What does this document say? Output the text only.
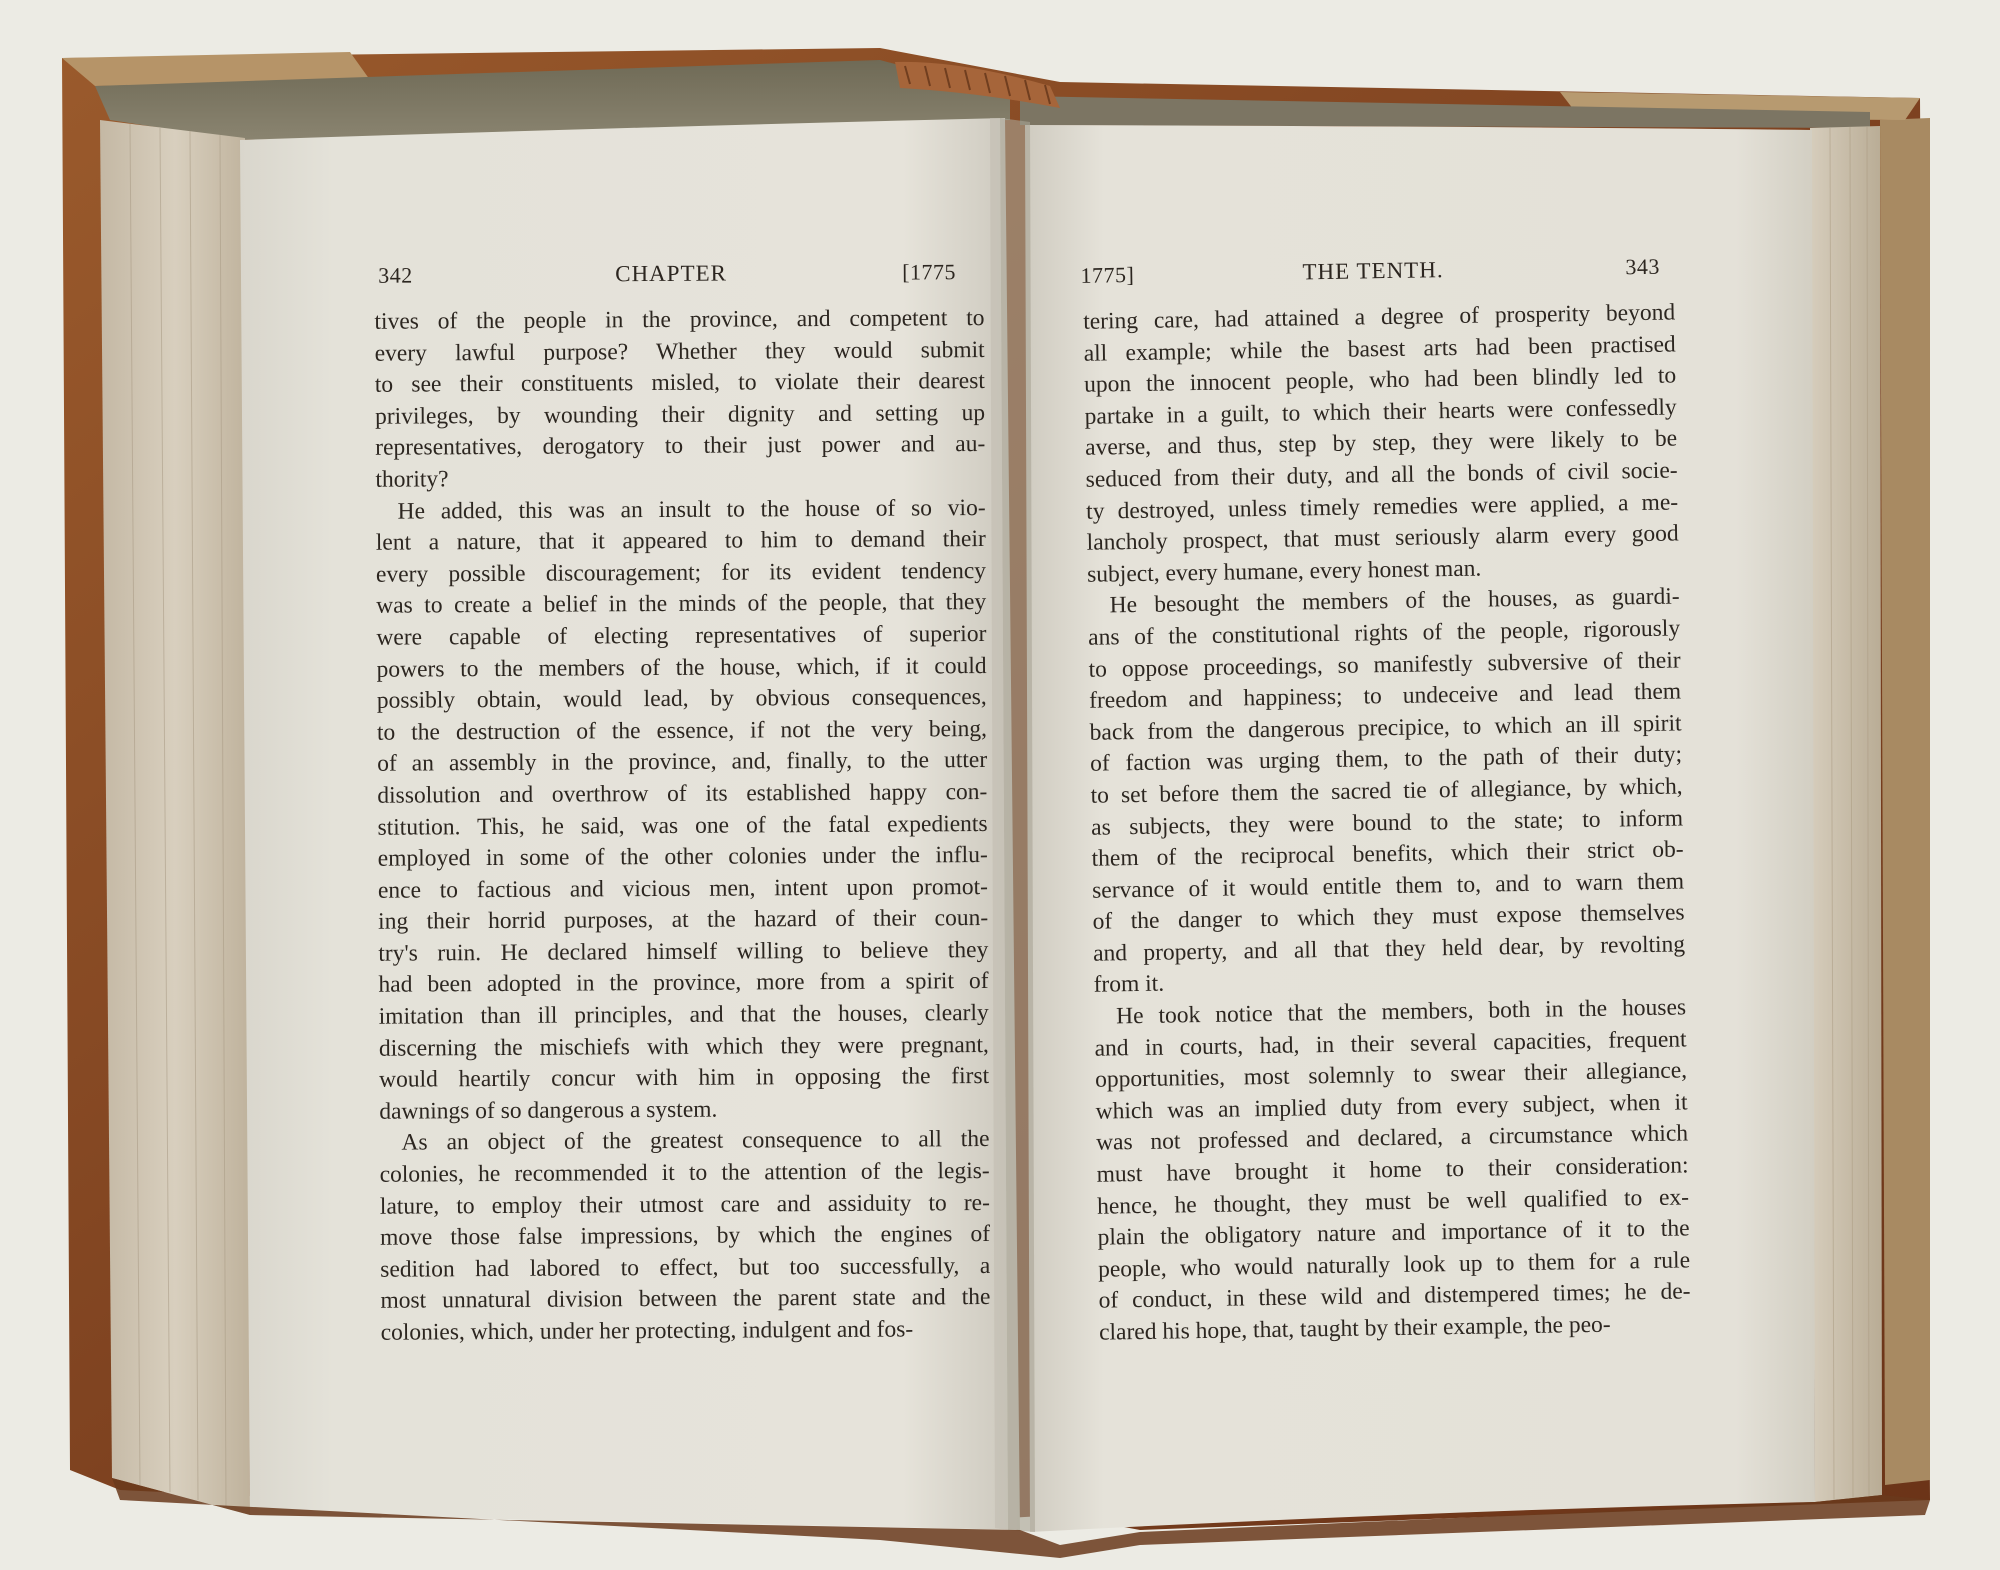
342	CHAPTER	[1775
tives of the people in the province, and competent to
every lawful purpose? Whether they would submit
to see their constituents misled, to violate their dearest
privileges, by wounding their dignity and setting up
representatives, derogatory to their just power and au-
thority?
He added, this was an insult to the house of so vio-
lent a nature, that it appeared to him to demand their
every possible discouragement; for its evident tendency
was to create a belief in the minds of the people, that they
were capable of electing representatives of superior
powers to the members of the house, which, if it could
possibly obtain, would lead, by obvious consequences,
to the destruction of the essence, if not the very being,
of an assembly in the province, and, finally, to the utter
dissolution and overthrow of its established happy con-
stitution. This, he said, was one of the fatal expedients
employed in some of the other colonies under the influ-
ence to factious and vicious men, intent upon promot-
ing their horrid purposes, at the hazard of their coun-
try's ruin. He declared himself willing to believe they
had been adopted in the province, more from a spirit of
imitation than ill principles, and that the houses, clearly
discerning the mischiefs with which they were pregnant,
would heartily concur with him in opposing the first
dawnings of so dangerous a system.
As an object of the greatest consequence to all the
colonies, he recommended it to the attention of the legis-
lature, to employ their utmost care and assiduity to re-
move those false impressions, by which the engines of
sedition had labored to effect, but too successfully, a
most unnatural division between the parent state and the
colonies, which, under her protecting, indulgent and fos-
1775]	THE TENTH.	343
tering care, had attained a degree of prosperity beyond
all example; while the basest arts had been practised
upon the innocent people, who had been blindly led to
partake in a guilt, to which their hearts were confessedly
averse, and thus, step by step, they were likely to be
seduced from their duty, and all the bonds of civil socie-
ty destroyed, unless timely remedies were applied, a me-
lancholy prospect, that must seriously alarm every good
subject, every humane, every honest man.
He besought the members of the houses, as guardi-
ans of the constitutional rights of the people, rigorously
to oppose proceedings, so manifestly subversive of their
freedom and happiness; to undeceive and lead them
back from the dangerous precipice, to which an ill spirit
of faction was urging them, to the path of their duty;
to set before them the sacred tie of allegiance, by which,
as subjects, they were bound to the state; to inform
them of the reciprocal benefits, which their strict ob-
servance of it would entitle them to, and to warn them
of the danger to which they must expose themselves
and property, and all that they held dear, by revolting
from it.
He took notice that the members, both in the houses
and in courts, had, in their several capacities, frequent
opportunities, most solemnly to swear their allegiance,
which was an implied duty from every subject, when it
was not professed and declared, a circumstance which
must have brought it home to their consideration:
hence, he thought, they must be well qualified to ex-
plain the obligatory nature and importance of it to the
people, who would naturally look up to them for a rule
of conduct, in these wild and distempered times; he de-
clared his hope, that, taught by their example, the peo-
